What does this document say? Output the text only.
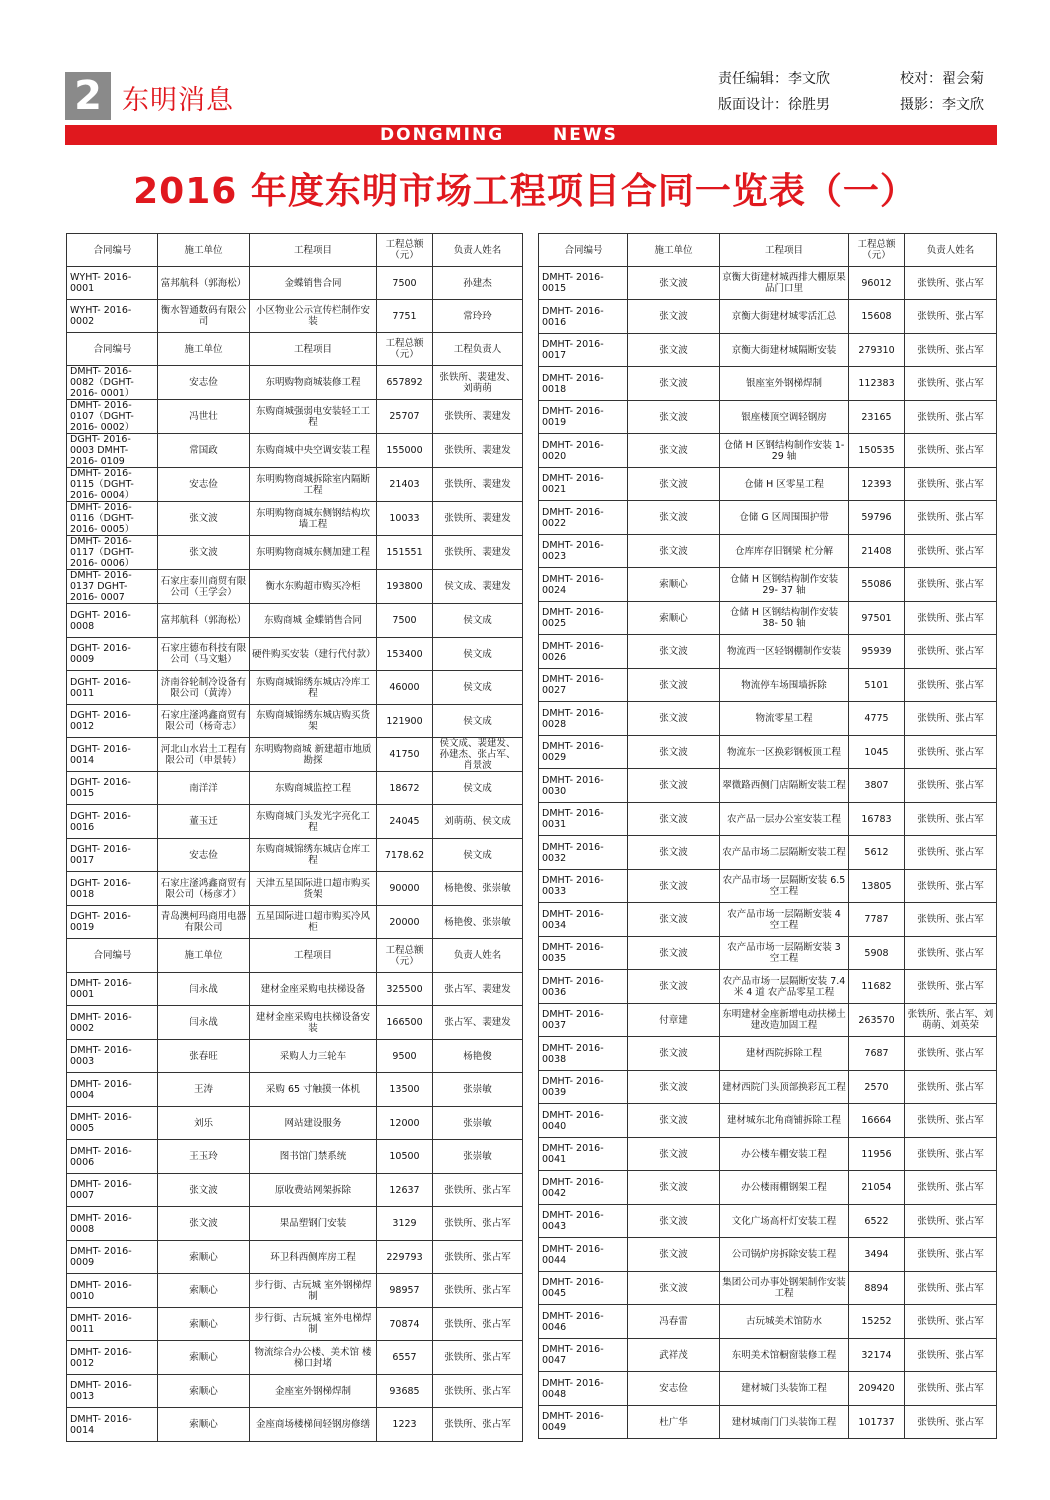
2 东明消息
责任编辑：李文欣
版面设计：徐胜男
校对：翟会菊
摄影：李文欣
DONGMING	NEWS
2016 年度东明市场工程项目合同一览表（一）
合同编号	施工单位	工程项目	工程总额（元）	负责人姓名
WYHT- 2016- 0001	富邦航科（郭海松）	金蝶销售合同	7500	孙建杰
WYHT- 2016- 0002	衡水智通数码有限公司	小区物业公示宣传栏制作安装	7751	常玲玲
合同编号	施工单位	工程项目	工程总额（元）	工程负责人
DMHT- 2016- 0082（DGHT- 2016- 0001）	安志俭	东明购物商城装修工程	657892	张铁所、裴建发、刘萌萌
DMHT- 2016- 0107（DGHT- 2016- 0002）	冯世壮	东购商城强弱电安装轻工工程	25707	张铁所、裴建发
DGHT- 2016- 0003 DMHT- 2016- 0109	常国政	东购商城中央空调安装工程	155000	张铁所、裴建发
DMHT- 2016- 0115（DGHT- 2016- 0004）	安志俭	东明购物商城拆除室内隔断工程	21403	张铁所、裴建发
DMHT- 2016- 0116（DGHT- 2016- 0005）	张文波	东明购物商城东侧钢结构坎墙工程	10033	张铁所、裴建发
DMHT- 2016- 0117（DGHT- 2016- 0006）	张文波	东明购物商城东侧加建工程	151551	张铁所、裴建发
DMHT- 2016- 0137 DGHT- 2016- 0007	石家庄泰川商贸有限公司（王学会）	衡水东购超市购买冷柜	193800	侯文成、裴建发
DGHT- 2016- 0008	富邦航科（郭海松）	东购商城 金蝶销售合同	7500	侯文成
DGHT- 2016- 0009	石家庄德布科技有限公司（马文魁）	硬件购买安装（建行代付款）	153400	侯文成
DGHT- 2016- 0011	济南谷轮制冷设备有限公司（黄涛）	东购商城锦绣东城店冷库工程	46000	侯文成
DGHT- 2016- 0012	石家庄滏鸿鑫商贸有限公司（杨奇志）	东购商城锦绣东城店购买货架	121900	侯文成
DGHT- 2016- 0014	河北山水岩土工程有限公司（申景转）	东明购物商城 新建超市地质勘探	41750	侯文成、裴建发、孙建杰、张占军、肖景波
DGHT- 2016- 0015	南洋洋	东购商城监控工程	18672	侯文成
DGHT- 2016- 0016	董玉迁	东购商城门头发光字亮化工程	24045	刘萌萌、侯文成
DGHT- 2016- 0017	安志俭	东购商城锦绣东城店仓库工程	7178.62	侯文成
DGHT- 2016- 0018	石家庄滏鸿鑫商贸有限公司（杨彦才）	天津五星国际进口超市购买货架	90000	杨艳俊、张崇敏
DGHT- 2016- 0019	青岛澳柯玛商用电器有限公司	五星国际进口超市购买冷风柜	20000	杨艳俊、张崇敏
合同编号	施工单位	工程项目	工程总额（元）	负责人姓名
DMHT- 2016- 0001	闫永战	建材金座采购电扶梯设备	325500	张占军、裴建发
DMHT- 2016- 0002	闫永战	建材金座采购电扶梯设备安装	166500	张占军、裴建发
DMHT- 2016- 0003	张春旺	采购人力三轮车	9500	杨艳俊
DMHT- 2016- 0004	王涛	采购 65 寸触摸一体机	13500	张崇敏
DMHT- 2016- 0005	刘乐	网站建设服务	12000	张崇敏
DMHT- 2016- 0006	王玉玲	图书馆门禁系统	10500	张崇敏
DMHT- 2016- 0007	张文波	原收费站网架拆除	12637	张铁所、张占军
DMHT- 2016- 0008	张文波	果品塑钢门安装	3129	张铁所、张占军
DMHT- 2016- 0009	索顺心	环卫科西侧库房工程	229793	张铁所、张占军
DMHT- 2016- 0010	索顺心	步行街、古玩城 室外钢梯焊制	98957	张铁所、张占军
DMHT- 2016- 0011	索顺心	步行街、古玩城 室外电梯焊制	70874	张铁所、张占军
DMHT- 2016- 0012	索顺心	物流综合办公楼、美术馆 楼梯口封堵	6557	张铁所、张占军
DMHT- 2016- 0013	索顺心	金座室外钢梯焊制	93685	张铁所、张占军
DMHT- 2016- 0014	索顺心	金座商场楼梯间轻钢房修缮	1223	张铁所、张占军
合同编号	施工单位	工程项目	工程总额（元）	负责人姓名
DMHT- 2016- 0015	张文波	京衡大街建材城西排大棚原果品门口里	96012	张铁所、张占军
DMHT- 2016- 0016	张文波	京衡大街建材城零活汇总	15608	张铁所、张占军
DMHT- 2016- 0017	张文波	京衡大街建材城隔断安装	279310	张铁所、张占军
DMHT- 2016- 0018	张文波	银座室外钢梯焊制	112383	张铁所、张占军
DMHT- 2016- 0019	张文波	银座楼顶空调轻钢房	23165	张铁所、张占军
DMHT- 2016- 0020	张文波	仓储 H 区钢结构制作安装 1- 29 轴	150535	张铁所、张占军
DMHT- 2016- 0021	张文波	仓储 H 区零星工程	12393	张铁所、张占军
DMHT- 2016- 0022	张文波	仓储 G 区周围围护带	59796	张铁所、张占军
DMHT- 2016- 0023	张文波	仓库库存旧钢梁 杧分解	21408	张铁所、张占军
DMHT- 2016- 0024	索顺心	仓储 H 区钢结构制作安装 29- 37 轴	55086	张铁所、张占军
DMHT- 2016- 0025	索顺心	仓储 H 区钢结构制作安装 38- 50 轴	97501	张铁所、张占军
DMHT- 2016- 0026	张文波	物流西一区轻钢棚制作安装	95939	张铁所、张占军
DMHT- 2016- 0027	张文波	物流停车场围墙拆除	5101	张铁所、张占军
DMHT- 2016- 0028	张文波	物流零星工程	4775	张铁所、张占军
DMHT- 2016- 0029	张文波	物流东一区换彩钢板顶工程	1045	张铁所、张占军
DMHT- 2016- 0030	张文波	翠微路西侧门店隔断安装工程	3807	张铁所、张占军
DMHT- 2016- 0031	张文波	农产品一层办公室安装工程	16783	张铁所、张占军
DMHT- 2016- 0032	张文波	农产品市场二层隔断安装工程	5612	张铁所、张占军
DMHT- 2016- 0033	张文波	农产品市场一层隔断安装 6.5 空工程	13805	张铁所、张占军
DMHT- 2016- 0034	张文波	农产品市场一层隔断安装 4 空工程	7787	张铁所、张占军
DMHT- 2016- 0035	张文波	农产品市场一层隔断安装 3 空工程	5908	张铁所、张占军
DMHT- 2016- 0036	张文波	农产品市场一层隔断安装 7.4 米 4 道 农产品零星工程	11682	张铁所、张占军
DMHT- 2016- 0037	付章建	东明建材金座新增电动扶梯土建改造加固工程	263570	张铁所、张占军、刘萌萌、刘英荣
DMHT- 2016- 0038	张文波	建材西院拆除工程	7687	张铁所、张占军
DMHT- 2016- 0039	张文波	建材西院门头顶部换彩瓦工程	2570	张铁所、张占军
DMHT- 2016- 0040	张文波	建材城东北角商铺拆除工程	16664	张铁所、张占军
DMHT- 2016- 0041	张文波	办公楼车棚安装工程	11956	张铁所、张占军
DMHT- 2016- 0042	张文波	办公楼雨棚钢架工程	21054	张铁所、张占军
DMHT- 2016- 0043	张文波	文化广场高杆灯安装工程	6522	张铁所、张占军
DMHT- 2016- 0044	张文波	公司锅炉房拆除安装工程	3494	张铁所、张占军
DMHT- 2016- 0045	张文波	集团公司办事处钢架制作安装工程	8894	张铁所、张占军
DMHT- 2016- 0046	冯春雷	古玩城美术馆防水	15252	张铁所、张占军
DMHT- 2016- 0047	武祥茂	东明美术馆橱窗装修工程	32174	张铁所、张占军
DMHT- 2016- 0048	安志俭	建材城门头装饰工程	209420	张铁所、张占军
DMHT- 2016- 0049	杜广华	建材城南门门头装饰工程	101737	张铁所、张占军
